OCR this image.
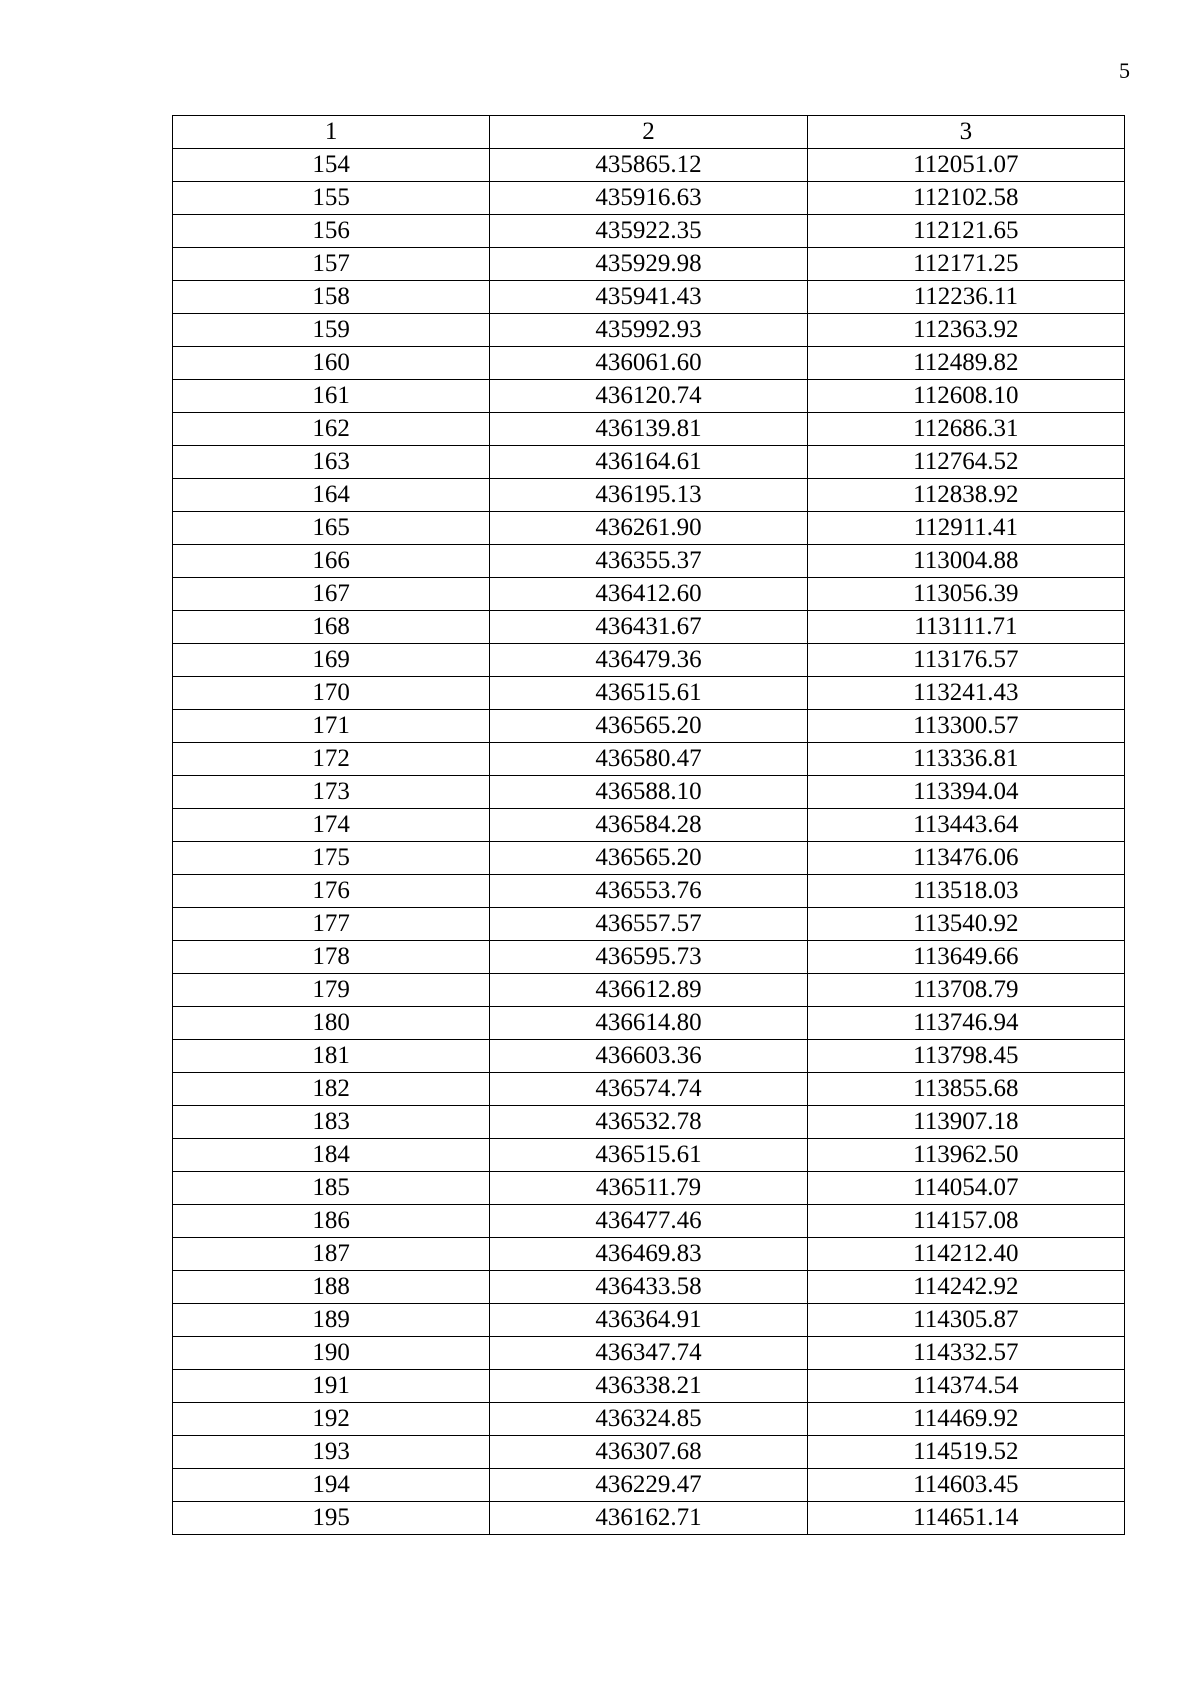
5
1	2	3
154	435865.12	112051.07
155	435916.63	112102.58
156	435922.35	112121.65
157	435929.98	112171.25
158	435941.43	112236.11
159	435992.93	112363.92
160	436061.60	112489.82
161	436120.74	112608.10
162	436139.81	112686.31
163	436164.61	112764.52
164	436195.13	112838.92
165	436261.90	112911.41
166	436355.37	113004.88
167	436412.60	113056.39
168	436431.67	113111.71
169	436479.36	113176.57
170	436515.61	113241.43
171	436565.20	113300.57
172	436580.47	113336.81
173	436588.10	113394.04
174	436584.28	113443.64
175	436565.20	113476.06
176	436553.76	113518.03
177	436557.57	113540.92
178	436595.73	113649.66
179	436612.89	113708.79
180	436614.80	113746.94
181	436603.36	113798.45
182	436574.74	113855.68
183	436532.78	113907.18
184	436515.61	113962.50
185	436511.79	114054.07
186	436477.46	114157.08
187	436469.83	114212.40
188	436433.58	114242.92
189	436364.91	114305.87
190	436347.74	114332.57
191	436338.21	114374.54
192	436324.85	114469.92
193	436307.68	114519.52
194	436229.47	114603.45
195	436162.71	114651.14
